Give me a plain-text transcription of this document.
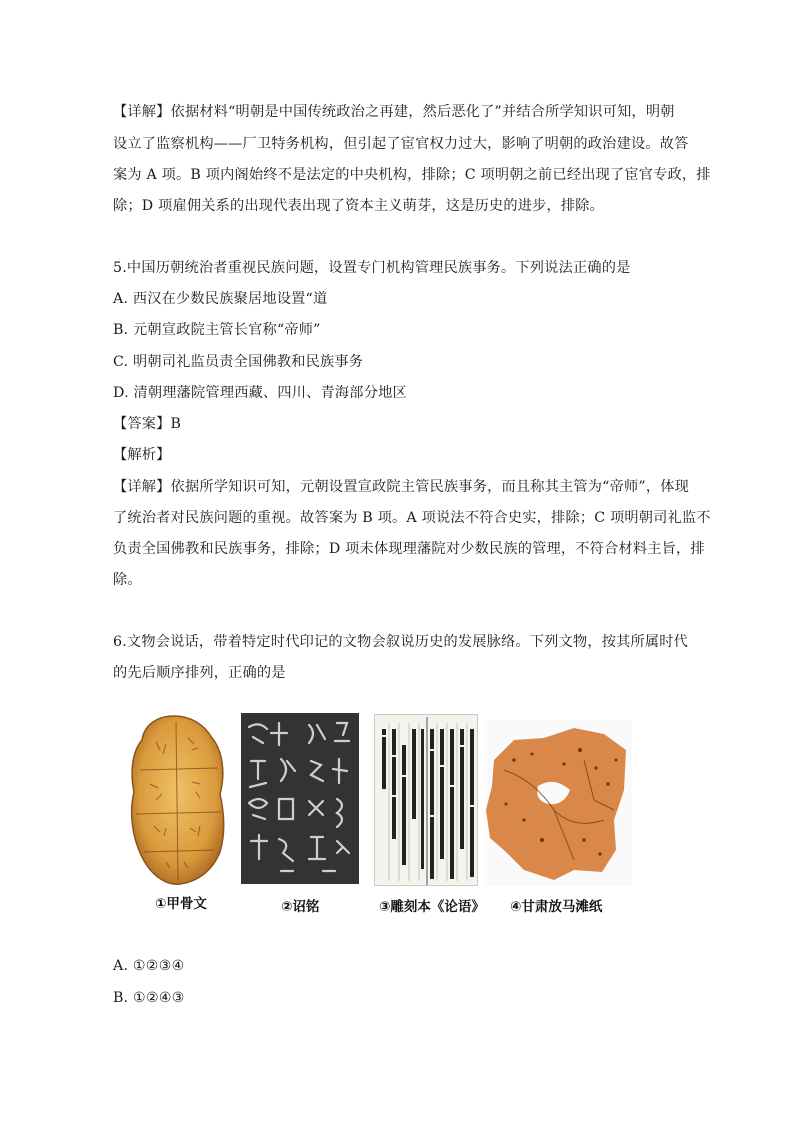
【详解】依据材料“明朝是中国传统政治之再建，然后恶化了”并结合所学知识可知，明朝
设立了监察机构——厂卫特务机构，但引起了宦官权力过大，影响了明朝的政治建设。故答
案为 A 项。B 项内阁始终不是法定的中央机构，排除；C 项明朝之前已经出现了宦官专政，排
除；D 项雇佣关系的出现代表出现了资本主义萌芽，这是历史的进步，排除。
5.中国历朝统治者重视民族问题，设置专门机构管理民族事务。下列说法正确的是
A. 西汉在少数民族聚居地设置“道
B. 元朝宣政院主管长官称“帝师”
C. 明朝司礼监员责全国佛教和民族事务
D. 清朝理藩院管理西藏、四川、青海部分地区
【答案】B
【解析】
【详解】依据所学知识可知，元朝设置宣政院主管民族事务，而且称其主管为“帝师”，体现
了统治者对民族问题的重视。故答案为 B 项。A 项说法不符合史实，排除；C 项明朝司礼监不
负责全国佛教和民族事务，排除；D 项未体现理藩院对少数民族的管理，不符合材料主旨，排
除。
6.文物会说话，带着特定时代印记的文物会叙说历史的发展脉络。下列文物，按其所属时代
的先后顺序排列，正确的是
①甲骨文	②诏铭	③雕刻本《论语》 ④甘肃放马滩纸
A. ①②③④
B. ①②④③
